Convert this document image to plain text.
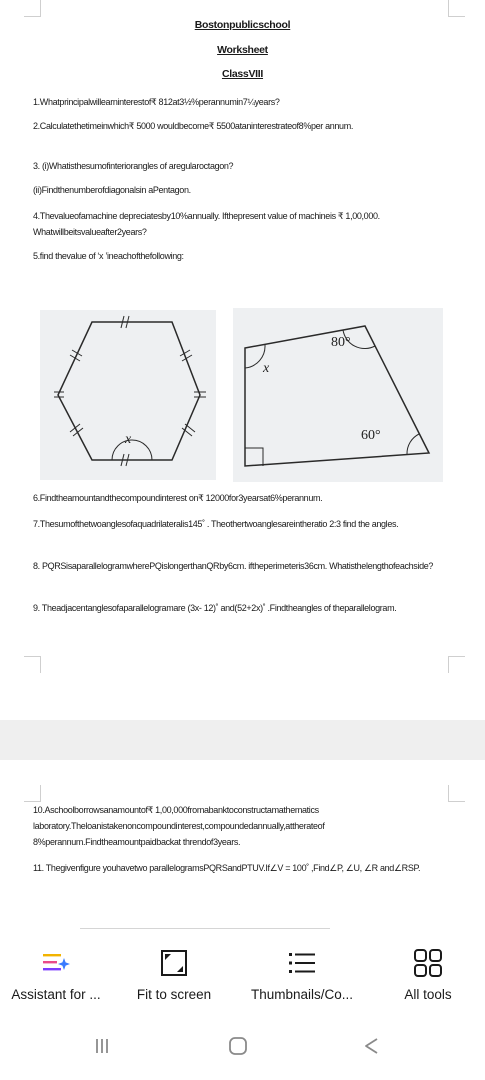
Bostonpublicschool
Worksheet
ClassVIII
1.Whatprincipalwillearninterestof₹ 812at3½%perannumin7¼years?
2.Calculatethetimeinwhich₹ 5000 wouldbecome₹ 5500ataninterestrateof8%per annum.
3. (i)Whatisthesumofinteriorangles of aregularoctagon?
(ii)Findthenumberofdiagonalsin aPentagon.
4.Thevalueofamachine depreciatesby10%annually. Ifthepresent value of machineis ₹ 1,00,000. Whatwillbeitsvalueafter2years?
5.find thevalue of ‘x ’ineachofthefollowing:
x
x
80°
60°
6.Findtheamountandthecompoundinterest on₹ 12000for3yearsat6%perannum.
7.Thesumofthetwoanglesofaquadrilateralis145˚ . Theothertwoanglesareintheratio 2:3 find the angles.
8. PQRSisaparallelogramwherePQislongerthanQRby6cm. iftheperimeteris36cm. Whatisthelengthofeachside?
9. Theadjacentanglesofaparallelogramare (3x- 12)˚ and(52+2x)˚ .Findtheangles of theparallelogram.
10.Aschoolborrowsanamountof₹ 1,00,000fromabanktoconstructamathematics laboratory.Theloanistakenoncompoundinterest,compoundedannually,attherateof 8%perannum.Findtheamountpaidbackat threndof3years.
11. Thegivenfigure youhavetwo parallelogramsPQRSandPTUV.If∠V = 100˚ ,Find∠P, ∠U, ∠R and∠RSP.
Assistant for ...	Fit to screen	Thumbnails/Co...	All tools
